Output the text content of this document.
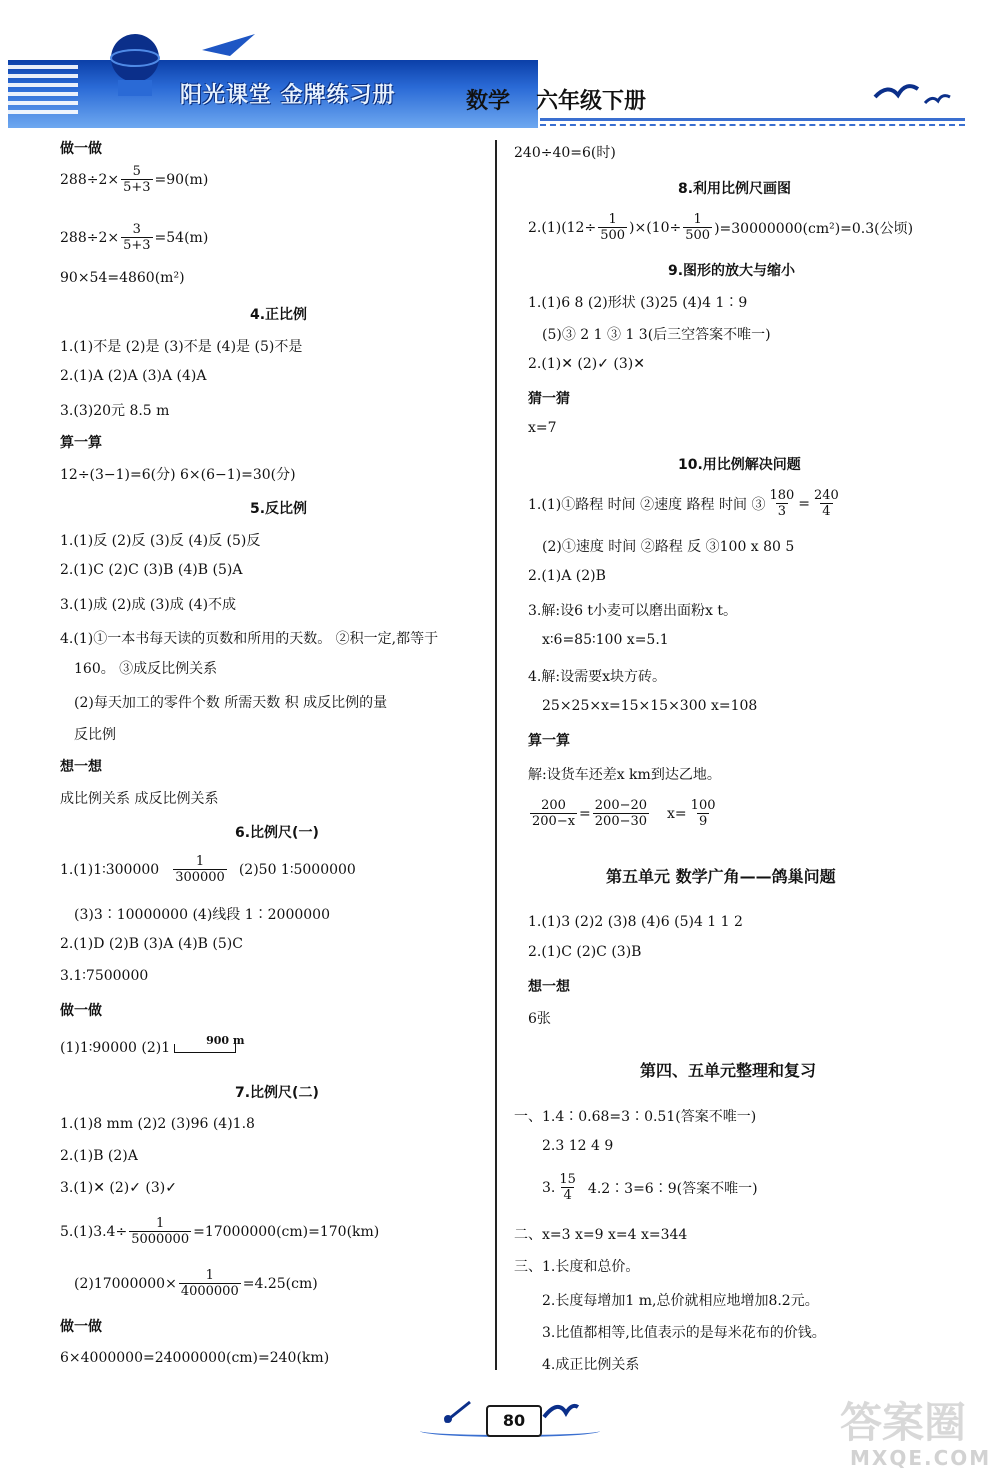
阳光课堂 金牌练习册	数学 六年级下册
做一做
$288\div 2\times \frac{5}{5+3} =90(m)$
$288\div 2\times \frac{3}{5+3} =54(m)$
90×54=4860(m²)
4.正比例
1.(1)不是 (2)是 (3)不是 (4)是 (5)不是
2.(1)A (2)A (3)A (4)A
3.(3)20元 8.5 m
算一算
12÷(3−1)=6(分) 6×(6−1)=30(分)
5.反比例
1.(1)反 (2)反 (3)反 (4)反 (5)反
2.(1)C (2)C (3)B (4)B (5)A
3.(1)成 (2)成 (3)成 (4)不成
4.(1)①一本书每天读的页数和所用的天数。 ②积一定,都等于
160。 ③成反比例关系
(2)每天加工的零件个数 所需天数 积 成反比例的量
反比例
想一想
成比例关系 成反比例关系
6.比例尺(一)
1.(1)1∶300000 $\frac{1}{300000} (2)50$ 1∶5000000
(3)3∶10000000 (4)线段 1∶2000000
2.(1)D (2)B (3)A (4)B (5)C
3.1∶7500000
做一做
(1)1∶90000 (2)1	900 m
7.比例尺(二)
1.(1)8 mm (2)2 (3)96 (4)1.8
2.(1)B (2)A
3.(1)✕ (2)✓ (3)✓
$5.(1)3.4\div \frac{1}{5000000} =17000000(cm)=170(km)$
$(2)17000000\times \frac{1}{4000000} =4.25(cm)$
做一做
6×4000000=24000000(cm)=240(km)
240÷40=6(时)
8.利用比例尺画图
$2.(1)(12\div \frac{1}{500} )\times(10\div \frac{1}{500} )=30000000(cm^2)=0.3$(公顷)
9.图形的放大与缩小
1.(1)6 8 (2)形状 (3)25 (4)4 1∶9
(5)③ 2 1 ③ 1 3(后三空答案不唯一)
2.(1)✕ (2)✓ (3)✕
猜一猜
x=7
10.用比例解决问题
1.(1)①路程 时间 ②速度 路程 时间 ③ $\frac{180}{3} = \frac{240}{4}$
(2)①速度 时间 ②路程 反 ③100 x 80 5
2.(1)A (2)B
3.解:设6 t小麦可以磨出面粉x t。
x∶6=85∶100 x=5.1
4.解:设需要x块方砖。
25×25×x=15×15×300 x=108
算一算
解:设货车还差x km到达乙地。
$\frac{200}{200-x} = \frac{200-20}{200-30} x= \frac{100}{9}$
第五单元 数学广角——鸽巢问题
1.(1)3 (2)2 (3)8 (4)6 (5)4 1 1 2
2.(1)C (2)C (3)B
想一想
6张
第四、五单元整理和复习
一、1.4∶0.68=3∶0.51(答案不唯一)
2.3 12 4 9
3. $\frac{15}{4}$ 4.2∶3=6∶9(答案不唯一)
二、x=3 x=9 x=4 x=344
三、1.长度和总价。
2.长度每增加1 m,总价就相应地增加8.2元。
3.比值都相等,比值表示的是每米花布的价钱。
4.成正比例关系
80	答案圈
MXQE.COM
